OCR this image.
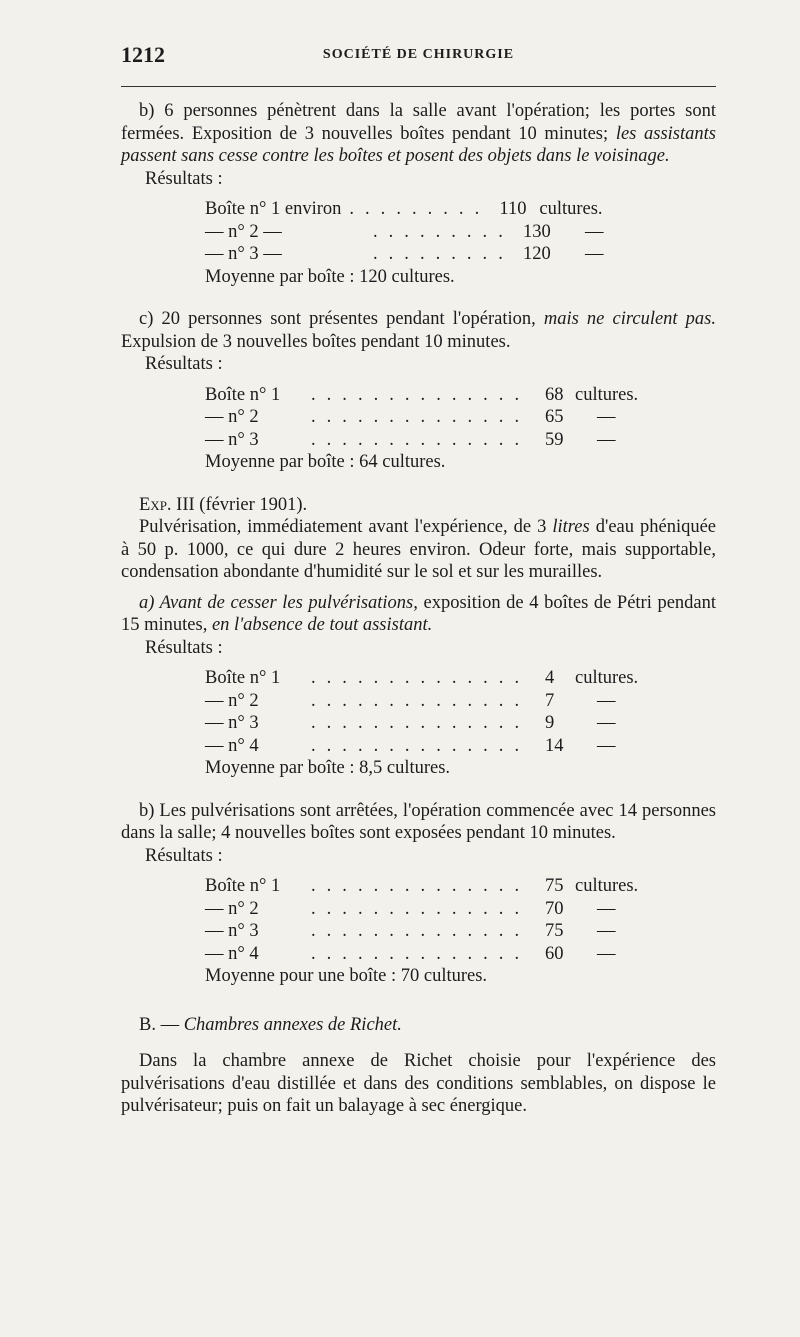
1212	SOCIÉTÉ DE CHIRURGIE

b) 6 personnes pénètrent dans la salle avant l'opération; les portes sont fermées. Exposition de 3 nouvelles boîtes pendant 10 minutes; les assistants passent sans cesse contre les boîtes et posent des objets dans le voisinage.

Résultats :

Boîte n° 1 environ . . . . . . . . . 110 cultures.
— n° 2 —	. . . . . . . . . 130	—
— n° 3 —	. . . . . . . . . 120	—

Moyenne par boîte : 120 cultures.

c) 20 personnes sont présentes pendant l'opération, mais ne circulent pas. Expulsion de 3 nouvelles boîtes pendant 10 minutes.

Résultats :

Boîte n° 1	. . . . . . . . . . . . . .	68 cultures.
— n° 2	. . . . . . . . . . . . . .	65	—
— n° 3	. . . . . . . . . . . . . .	59	—

Moyenne par boîte : 64 cultures.

Exp. III (février 1901).

Pulvérisation, immédiatement avant l'expérience, de 3 litres d'eau phéniquée à 50 p. 1000, ce qui dure 2 heures environ. Odeur forte, mais supportable, condensation abondante d'humidité sur le sol et sur les murailles.

a) Avant de cesser les pulvérisations, exposition de 4 boîtes de Pétri pendant 15 minutes, en l'absence de tout assistant.

Résultats :

Boîte n° 1	. . . . . . . . . . . . . .	4	cultures.
— n° 2	. . . . . . . . . . . . . .	7	—
— n° 3	. . . . . . . . . . . . . .	9	—
— n° 4	. . . . . . . . . . . . . .	14	—

Moyenne par boîte : 8,5 cultures.

b) Les pulvérisations sont arrêtées, l'opération commencée avec 14 personnes dans la salle; 4 nouvelles boîtes sont exposées pendant 10 minutes.

Résultats :

Boîte n° 1	. . . . . . . . . . . . . .	75 cultures.
— n° 2	. . . . . . . . . . . . . .	70	—
— n° 3	. . . . . . . . . . . . . .	75	—
— n° 4	. . . . . . . . . . . . . .	60	—

Moyenne pour une boîte : 70 cultures.

B. — Chambres annexes de Richet.

Dans la chambre annexe de Richet choisie pour l'expérience des pulvérisations d'eau distillée et dans des conditions semblables, on dispose le pulvérisateur; puis on fait un balayage à sec énergique.
